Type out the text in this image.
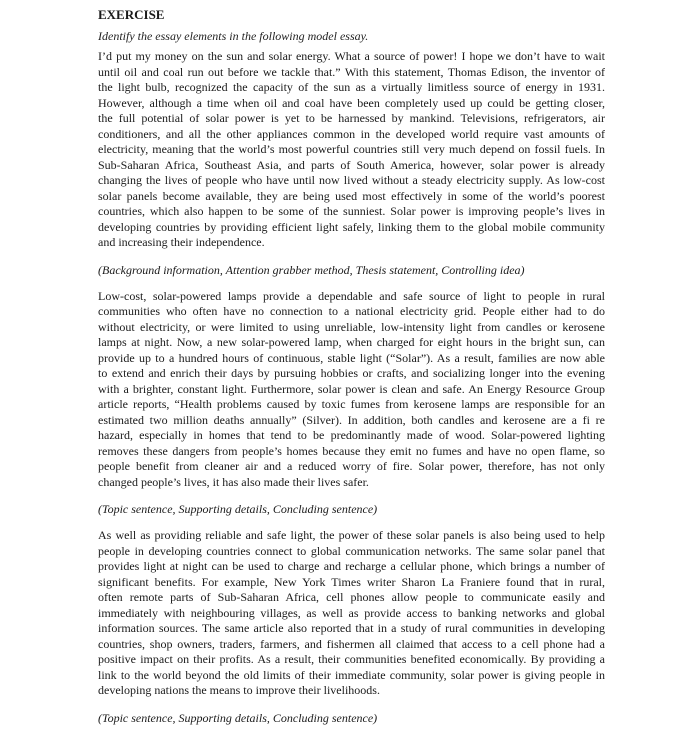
EXERCISE
Identify the essay elements in the following model essay.
I’d put my money on the sun and solar energy. What a source of power! I hope we don’t have to wait
until oil and coal run out before we tackle that.” With this statement, Thomas Edison, the inventor of
the light bulb, recognized the capacity of the sun as a virtually limitless source of energy in 1931.
However, although a time when oil and coal have been completely used up could be getting closer,
the full potential of solar power is yet to be harnessed by mankind. Televisions, refrigerators, air
conditioners, and all the other appliances common in the developed world require vast amounts of
electricity, meaning that the world’s most powerful countries still very much depend on fossil fuels. In
Sub-Saharan Africa, Southeast Asia, and parts of South America, however, solar power is already
changing the lives of people who have until now lived without a steady electricity supply. As low-cost
solar panels become available, they are being used most effectively in some of the world’s poorest
countries, which also happen to be some of the sunniest. Solar power is improving people’s lives in
developing countries by providing efficient light safely, linking them to the global mobile community
and increasing their independence.
(Background information, Attention grabber method, Thesis statement, Controlling idea)
Low-cost, solar-powered lamps provide a dependable and safe source of light to people in rural
communities who often have no connection to a national electricity grid. People either had to do
without electricity, or were limited to using unreliable, low-intensity light from candles or kerosene
lamps at night. Now, a new solar-powered lamp, when charged for eight hours in the bright sun, can
provide up to a hundred hours of continuous, stable light (“Solar”). As a result, families are now able
to extend and enrich their days by pursuing hobbies or crafts, and socializing longer into the evening
with a brighter, constant light. Furthermore, solar power is clean and safe. An Energy Resource Group
article reports, “Health problems caused by toxic fumes from kerosene lamps are responsible for an
estimated two million deaths annually” (Silver). In addition, both candles and kerosene are a fi re
hazard, especially in homes that tend to be predominantly made of wood. Solar-powered lighting
removes these dangers from people’s homes because they emit no fumes and have no open flame, so
people benefit from cleaner air and a reduced worry of fire. Solar power, therefore, has not only
changed people’s lives, it has also made their lives safer.
(Topic sentence, Supporting details, Concluding sentence)
As well as providing reliable and safe light, the power of these solar panels is also being used to help
people in developing countries connect to global communication networks. The same solar panel that
provides light at night can be used to charge and recharge a cellular phone, which brings a number of
significant benefits. For example, New York Times writer Sharon La Franiere found that in rural,
often remote parts of Sub-Saharan Africa, cell phones allow people to communicate easily and
immediately with neighbouring villages, as well as provide access to banking networks and global
information sources. The same article also reported that in a study of rural communities in developing
countries, shop owners, traders, farmers, and fishermen all claimed that access to a cell phone had a
positive impact on their profits. As a result, their communities benefited economically. By providing a
link to the world beyond the old limits of their immediate community, solar power is giving people in
developing nations the means to improve their livelihoods.
(Topic sentence, Supporting details, Concluding sentence)
